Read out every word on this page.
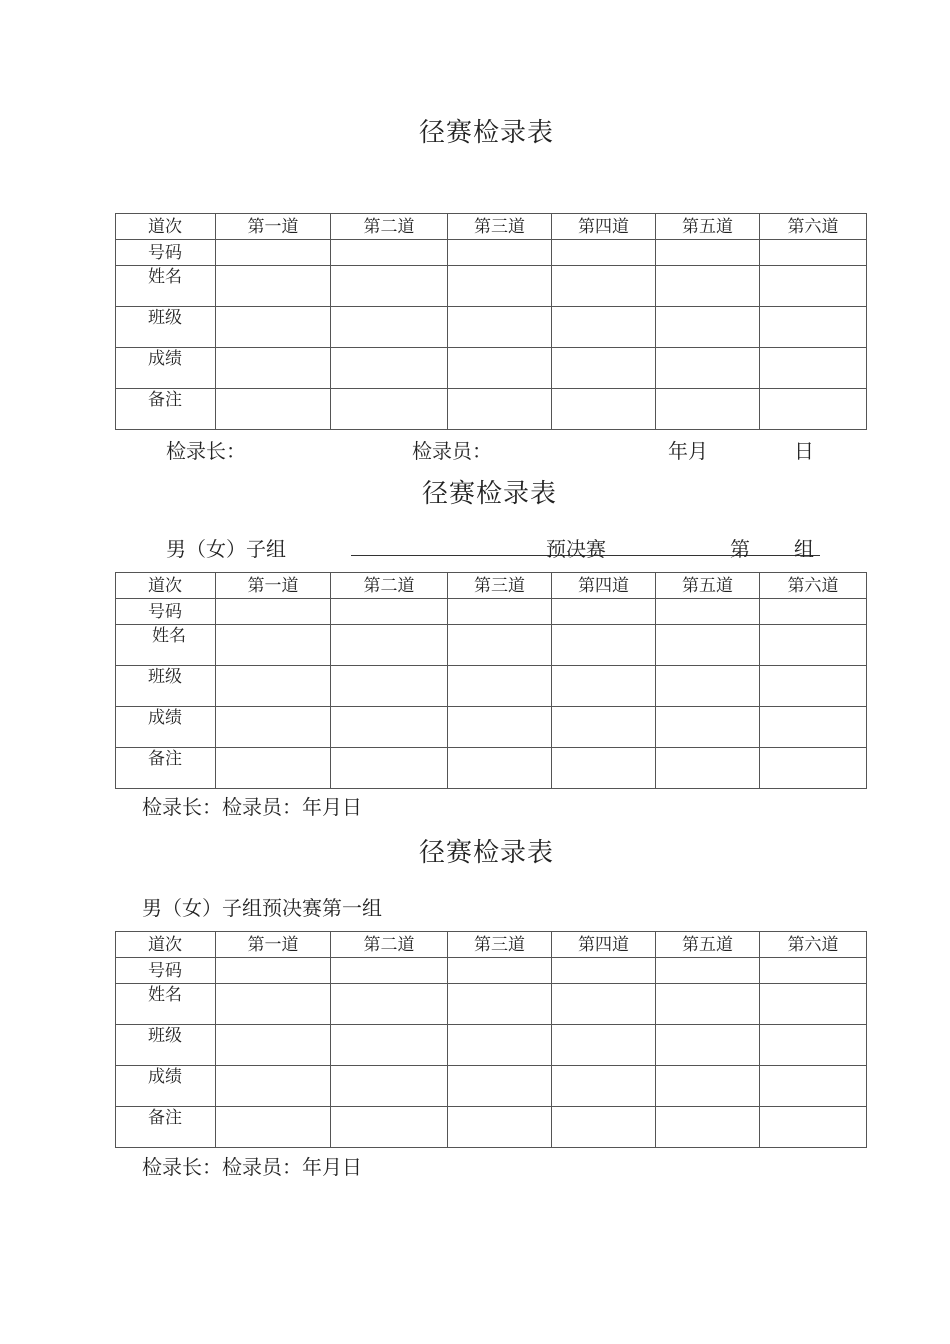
径赛检录表
道次	第一道	第二道	第三道	第四道	第五道	第六道
号码						
姓名						
班级						
成绩						
备注						
检录长：	检录员：	年月	日
径赛检录表
男（女）子组	预决赛	第 组
道次	第一道	第二道	第三道	第四道	第五道	第六道
号码						
姓名						
班级						
成绩						
备注						
检录长：检录员：年月日
径赛检录表
男（女）子组预决赛第一组
道次	第一道	第二道	第三道	第四道	第五道	第六道
号码						
姓名						
班级						
成绩						
备注						
检录长：检录员：年月日
